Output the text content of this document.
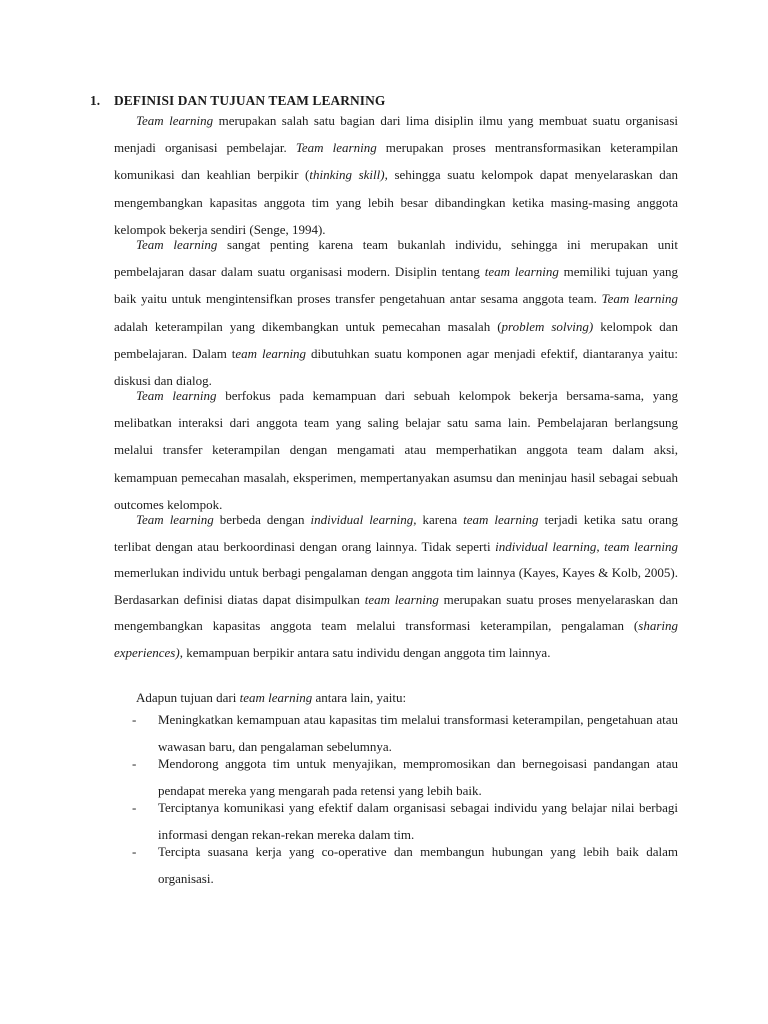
1. DEFINISI DAN TUJUAN TEAM LEARNING

Team learning merupakan salah satu bagian dari lima disiplin ilmu yang membuat suatu organisasi menjadi organisasi pembelajar. Team learning merupakan proses mentransformasikan keterampilan komunikasi dan keahlian berpikir (thinking skill), sehingga suatu kelompok dapat menyelaraskan dan mengembangkan kapasitas anggota tim yang lebih besar dibandingkan ketika masing-masing anggota kelompok bekerja sendiri (Senge, 1994).

Team learning sangat penting karena team bukanlah individu, sehingga ini merupakan unit pembelajaran dasar dalam suatu organisasi modern. Disiplin tentang team learning memiliki tujuan yang baik yaitu untuk mengintensifkan proses transfer pengetahuan antar sesama anggota team. Team learning adalah keterampilan yang dikembangkan untuk pemecahan masalah (problem solving) kelompok dan pembelajaran. Dalam team learning dibutuhkan suatu komponen agar menjadi efektif, diantaranya yaitu: diskusi dan dialog.

Team learning berfokus pada kemampuan dari sebuah kelompok bekerja bersama-sama, yang melibatkan interaksi dari anggota team yang saling belajar satu sama lain. Pembelajaran berlangsung melalui transfer keterampilan dengan mengamati atau memperhatikan anggota team dalam aksi, kemampuan pemecahan masalah, eksperimen, mempertanyakan asumsu dan meninjau hasil sebagai sebuah outcomes kelompok.

Team learning berbeda dengan individual learning, karena team learning terjadi ketika satu orang terlibat dengan atau berkoordinasi dengan orang lainnya. Tidak seperti individual learning, team learning memerlukan individu untuk berbagi pengalaman dengan anggota tim lainnya (Kayes, Kayes & Kolb, 2005). Berdasarkan definisi diatas dapat disimpulkan team learning merupakan suatu proses menyelaraskan dan mengembangkan kapasitas anggota team melalui transformasi keterampilan, pengalaman (sharing experiences), kemampuan berpikir antara satu individu dengan anggota tim lainnya.

Adapun tujuan dari team learning antara lain, yaitu:

-	Meningkatkan kemampuan atau kapasitas tim melalui transformasi keterampilan, pengetahuan atau wawasan baru, dan pengalaman sebelumnya.
-	Mendorong anggota tim untuk menyajikan, mempromosikan dan bernegoisasi pandangan atau pendapat mereka yang mengarah pada retensi yang lebih baik.
-	Terciptanya komunikasi yang efektif dalam organisasi sebagai individu yang belajar nilai berbagi informasi dengan rekan-rekan mereka dalam tim.
-	Tercipta suasana kerja yang co-operative dan membangun hubungan yang lebih baik dalam organisasi.
